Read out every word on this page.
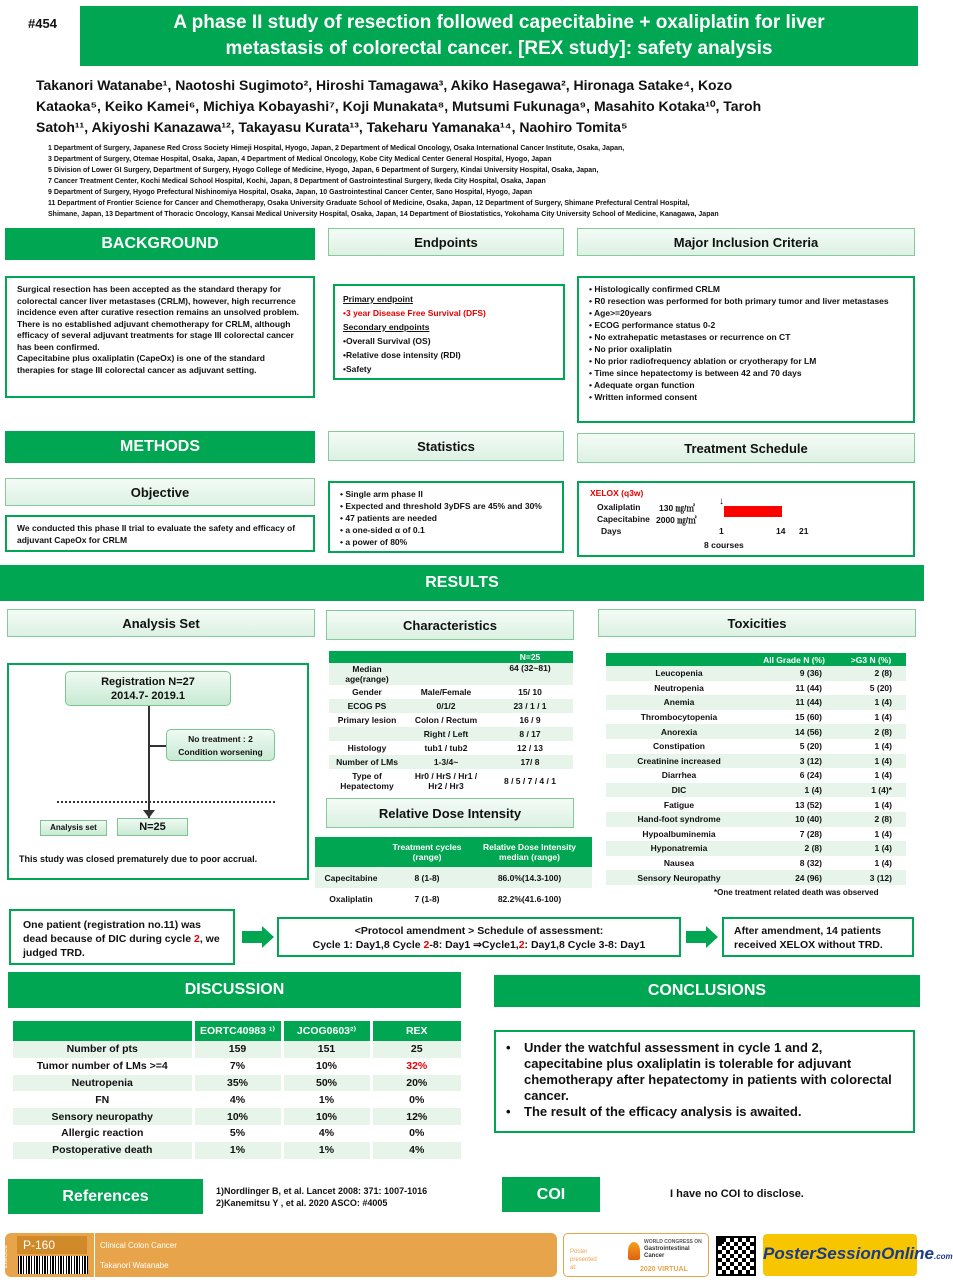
#454	A phase II study of resection followed capecitabine + oxaliplatin for liver
metastasis of colorectal cancer. [REX study]: safety analysis
Takanori Watanabe¹, Naotoshi Sugimoto², Hiroshi Tamagawa³, Akiko Hasegawa², Hironaga Satake⁴, Kozo
Kataoka⁵, Keiko Kamei⁶, Michiya Kobayashi⁷, Koji Munakata⁸, Mutsumi Fukunaga⁹, Masahito Kotaka¹⁰, Taroh
Satoh¹¹, Akiyoshi Kanazawa¹², Takayasu Kurata¹³, Takeharu Yamanaka¹⁴, Naohiro Tomita⁵
1 Department of Surgery, Japanese Red Cross Society Himeji Hospital, Hyogo, Japan, 2 Department of Medical Oncology, Osaka International Cancer Institute, Osaka, Japan,
3 Department of Surgery, Otemae Hospital, Osaka, Japan, 4 Department of Medical Oncology, Kobe City Medical Center General Hospital, Hyogo, Japan
5 Division of Lower GI Surgery, Department of Surgery, Hyogo College of Medicine, Hyogo, Japan, 6 Department of Surgery, Kindai University Hospital, Osaka, Japan,
7 Cancer Treatment Center, Kochi Medical School Hospital, Kochi, Japan, 8 Department of Gastrointestinal Surgery, Ikeda City Hospital, Osaka, Japan
9 Department of Surgery, Hyogo Prefectural Nishinomiya Hospital, Osaka, Japan, 10 Gastrointestinal Cancer Center, Sano Hospital, Hyogo, Japan
11 Department of Frontier Science for Cancer and Chemotherapy, Osaka University Graduate School of Medicine, Osaka, Japan, 12 Department of Surgery, Shimane Prefectural Central Hospital,
Shimane, Japan, 13 Department of Thoracic Oncology, Kansai Medical University Hospital, Osaka, Japan, 14 Department of Biostatistics, Yokohama City University School of Medicine, Kanagawa, Japan
BACKGROUND
Surgical resection has been accepted as the standard therapy for colorectal cancer liver metastases (CRLM), however, high recurrence incidence even after curative resection remains an unsolved problem.
There is no established adjuvant chemotherapy for CRLM, although efficacy of several adjuvant treatments for stage III colorectal cancer has been confirmed.
Capecitabine plus oxaliplatin (CapeOx) is one of the standard therapies for stage III colorectal cancer as adjuvant setting.
Endpoints
Primary endpoint
•3 year Disease Free Survival (DFS)
Secondary endpoints
•Overall Survival (OS)
•Relative dose intensity (RDI)
•Safety
Major Inclusion Criteria
• Histologically confirmed CRLM
• R0 resection was performed for both primary tumor and liver metastases
• Age>=20years
• ECOG performance status 0-2
• No extrahepatic metastases or recurrence on CT
• No prior oxaliplatin
• No prior radiofrequency ablation or cryotherapy for LM
• Time since hepatectomy is between 42 and 70 days
• Adequate organ function
• Written informed consent
METHODS
Objective
We conducted this phase II trial to evaluate the safety and efficacy of adjuvant CapeOx for CRLM
Statistics
• Single arm phase II
• Expected and threshold 3yDFS are 45% and 30%
• 47 patients are needed
• a one-sided α of 0.1
• a power of 80%
Treatment Schedule
XELOX (q3w)
Oxaliplatin 130 ㎎/㎡
Capecitabine 2000 ㎎/㎡
↓
Days	1	14 21
8 courses
RESULTS
Analysis Set
Registration N=27
2014.7- 2019.1
No treatment : 2
Condition worsening
Analysis set	N=25
This study was closed prematurely due to poor accrual.
Characteristics
		N=25
Median age(range)		64 (32~81)
Gender	Male/Female	15/ 10
ECOG PS	0/1/2	23 / 1 / 1
Primary lesion	Colon / Rectum	16 / 9
	Right / Left	8 / 17
Histology	tub1 / tub2	12 / 13
Number of LMs	1-3/4~	17/ 8
Type of Hepatectomy	Hr0 / HrS / Hr1 / Hr2 / Hr3	8 / 5 / 7 / 4 / 1
Relative Dose Intensity
	Treatment cycles (range)	Relative Dose Intensity median (range)
Capecitabine	8 (1-8)	86.0%(14.3-100)
Oxaliplatin	7 (1-8)	82.2%(41.6-100)
Toxicities
	All Grade N (%)	>G3 N (%)
Leucopenia	9 (36)	2 (8)
Neutropenia	11 (44)	5 (20)
Anemia	11 (44)	1 (4)
Thrombocytopenia	15 (60)	1 (4)
Anorexia	14 (56)	2 (8)
Constipation	5 (20)	1 (4)
Creatinine increased	3 (12)	1 (4)
Diarrhea	6 (24)	1 (4)
DIC	1 (4)	1 (4)*
Fatigue	13 (52)	1 (4)
Hand-foot syndrome	10 (40)	2 (8)
Hypoalbuminemia	7 (28)	1 (4)
Hyponatremia	2 (8)	1 (4)
Nausea	8 (32)	1 (4)
Sensory Neuropathy	24 (96)	3 (12)
*One treatment related death was observed
One patient (registration no.11) was dead because of DIC during cycle 2, we judged TRD.
<Protocol amendment > Schedule of assessment:
Cycle 1: Day1,8 Cycle 2-8: Day1 ⇒Cycle1,2: Day1,8 Cycle 3-8: Day1
After amendment, 14 patients received XELOX without TRD.
DISCUSSION
	EORTC40983 ¹⁾	JCOG0603²⁾	REX
Number of pts	159	151	25
Tumor number of LMs >=4	7%	10%	32%
Neutropenia	35%	50%	20%
FN	4%	1%	0%
Sensory neuropathy	10%	10%	12%
Allergic reaction	5%	4%	0%
Postoperative death	1%	1%	4%
CONCLUSIONS
•	Under the watchful assessment in cycle 1 and 2, capecitabine plus oxaliplatin is tolerable for adjuvant chemotherapy after hepatectomy in patients with colorectal cancer.
•	The result of the efficacy analysis is awaited.
References	1)Nordlinger B, et al. Lancet 2008: 371: 1007-1016
2)Kanemitsu Y , et al. 2020 ASCO: #4005
COI	I have no COI to disclose.
P-160
ZIMGC6	Clinical Colon Cancer
Takanori Watanabe
Poster presented at:
WORLD CONGRESS ON
Gastrointestinal
Cancer
2020 VIRTUAL
PosterSessionOnline.com
